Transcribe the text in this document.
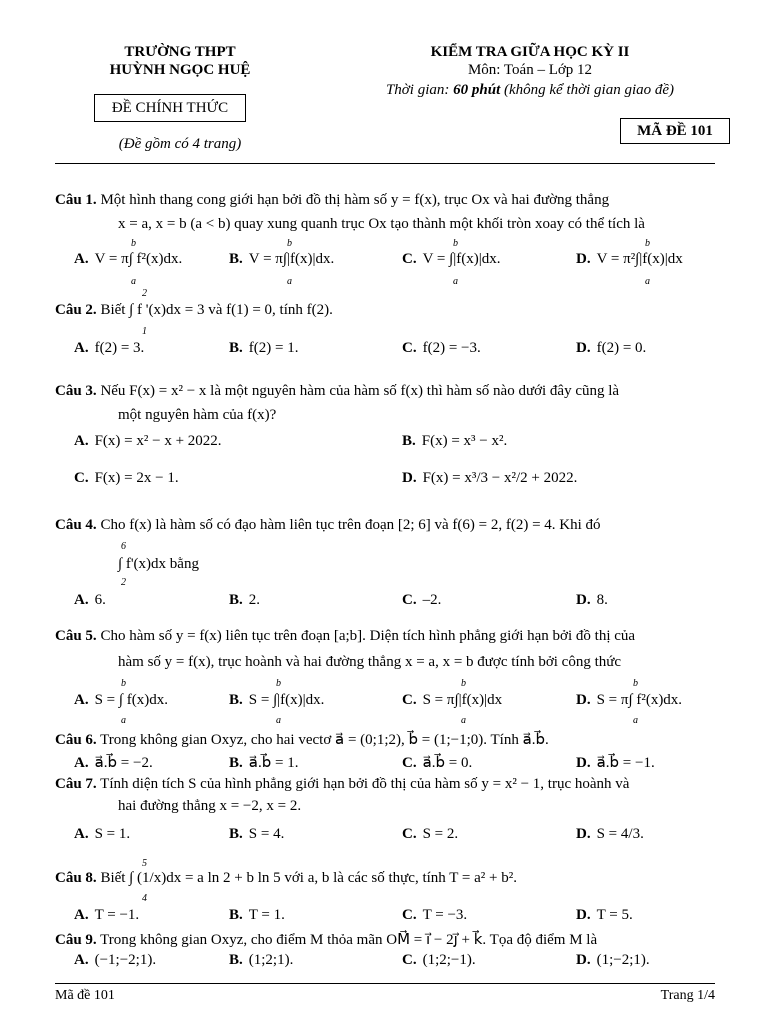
TRƯỜNG THPT
HUỲNH NGỌC HUỆ
ĐỀ CHÍNH THỨC
(Đề gồm có 4 trang)
KIỂM TRA GIỮA HỌC KỲ II
Môn: Toán – Lớp 12
Thời gian: 60 phút (không kể thời gian giao đề)
MÃ ĐỀ 101
Câu 1. Một hình thang cong giới hạn bởi đồ thị hàm số y = f(x), trục Ox và hai đường thẳng
x = a, x = b (a < b) quay xung quanh trục Ox tạo thành một khối tròn xoay có thể tích là
A. V = π∫ f²(x)dx.	B. V = π∫|f(x)|dx.	C. V = ∫|f(x)|dx.	D. V = π²∫|f(x)|dx
b
a
b
a
b
a
b
a
2
Câu 2. Biết ∫ f '(x)dx = 3 và f(1) = 0, tính f(2).
1
A. f(2) = 3.	B. f(2) = 1.	C. f(2) = −3.	D. f(2) = 0.
Câu 3. Nếu F(x) = x² − x là một nguyên hàm của hàm số f(x) thì hàm số nào dưới đây cũng là
một nguyên hàm của f(x)?
A. F(x) = x² − x + 2022.	B. F(x) = x³ − x².
C. F(x) = 2x − 1.	D. F(x) = x³/3 − x²/2 + 2022.
Câu 4. Cho f(x) là hàm số có đạo hàm liên tục trên đoạn [2; 6] và f(6) = 2, f(2) = 4. Khi đó
6
∫ f'(x)dx bằng
2
A. 6.	B. 2.	C. –2.	D. 8.
Câu 5. Cho hàm số y = f(x) liên tục trên đoạn [a;b]. Diện tích hình phẳng giới hạn bởi đồ thị của
hàm số y = f(x), trục hoành và hai đường thẳng x = a, x = b được tính bởi công thức
A. S = ∫ f(x)dx.	B. S = ∫|f(x)|dx.	C. S = π∫|f(x)|dx	D. S = π∫ f²(x)dx.
b
a
b
a
b
a
b
a
Câu 6. Trong không gian Oxyz, cho hai vectơ a⃗ = (0;1;2), b⃗ = (1;−1;0). Tính a⃗.b⃗.
A. a⃗.b⃗ = −2.	B. a⃗.b⃗ = 1.	C. a⃗.b⃗ = 0.	D. a⃗.b⃗ = −1.
Câu 7. Tính diện tích S của hình phẳng giới hạn bởi đồ thị của hàm số y = x² − 1, trục hoành và
hai đường thẳng x = −2, x = 2.
A. S = 1.	B. S = 4.	C. S = 2.	D. S = 4/3.
5
Câu 8. Biết ∫ (1/x)dx = a ln 2 + b ln 5 với a, b là các số thực, tính T = a² + b².
4
A. T = −1.	B. T = 1.	C. T = −3.	D. T = 5.
Câu 9. Trong không gian Oxyz, cho điểm M thỏa mãn OM⃗ = i⃗ − 2j⃗ + k⃗. Tọa độ điểm M là
A. (−1;−2;1).	B. (1;2;1).	C. (1;2;−1).	D. (1;−2;1).
Mã đề 101	Trang 1/4
